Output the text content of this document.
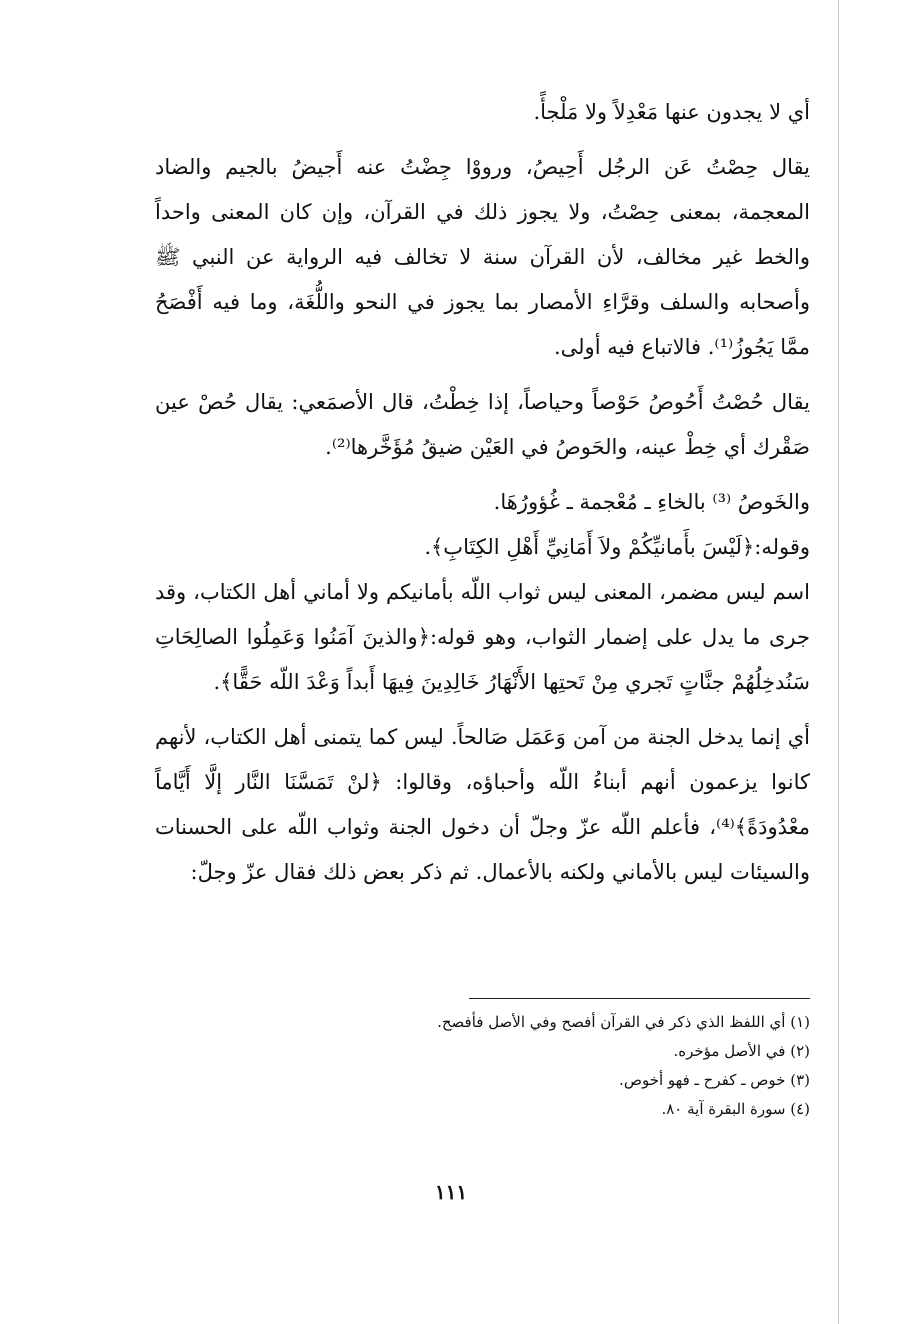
أي لا يجدون عنها مَعْدِلاً ولا مَلْجأً.

يقال حِصْتُ عَن الرجُل أَحِيصُ، ورووْا جِضْتُ عنه أَجيضُ بالجيم والضاد المعجمة، بمعنى حِصْتُ، ولا يجوز ذلك في القرآن، وإن كان المعنى واحداً والخط غير مخالف، لأن القرآن سنة لا تخالف فيه الرواية عن النبي ﷺ وأصحابه والسلف وقرَّاءِ الأمصار بما يجوز في النحو واللُّغَة، وما فيه أَفْصَحُ ممَّا يَجُوزُ⁽¹⁾. فالاتباع فيه أولى.

يقال حُصْتُ أَحُوصُ حَوْصاً وحياصاً، إذا خِطْتُ، قال الأصمَعي: يقال حُصْ عين صَقْرك أي خِطْ عينه، والحَوصُ في العَيْن ضيقُ مُؤَخَّرها⁽²⁾.

والخَوصُ ⁽³⁾ بالخاءِ ـ مُعْجمة ـ غُؤورُهَا.

وقوله:﴿لَيْسَ بأَمانيِّكُمْ ولاَ أَمَانِيِّ أَهْلِ الكِتَابِ﴾.

اسم ليس مضمر، المعنى ليس ثواب اللّه بأمانيكم ولا أماني أهل الكتاب، وقد جرى ما يدل على إضمار الثواب، وهو قوله:﴿والذينَ آمَنُوا وَعَمِلُوا الصالِحَاتِ سَنُدخِلُهُمْ جنَّاتٍ تَجري مِنْ تَحتِها الأَنْهَارُ خَالِدِينَ فِيهَا أَبداً وَعْدَ اللّه حَقًّا﴾.

أي إنما يدخل الجنة من آمن وَعَمَل صَالحاً. ليس كما يتمنى أهل الكتاب، لأنهم كانوا يزعمون أنهم أبناءُ اللّه وأحباؤه، وقالوا: ﴿لنْ تَمَسَّنَا النَّار إلَّا أَيَّاماً معْدُودَةً﴾⁽⁴⁾، فأعلم اللّه عزّ وجلّ أن دخول الجنة وثواب اللّه على الحسنات والسيئات ليس بالأماني ولكنه بالأعمال. ثم ذكر بعض ذلك فقال عزّ وجلّ:

(١) أي اللفظ الذي ذكر في القرآن أفصح وفي الأصل فأفصح.

(٢) في الأصل مؤخره.

(٣) خوص ـ كفرح ـ فهو أخوص.

(٤) سورة البقرة آية ٨٠.

١١١
